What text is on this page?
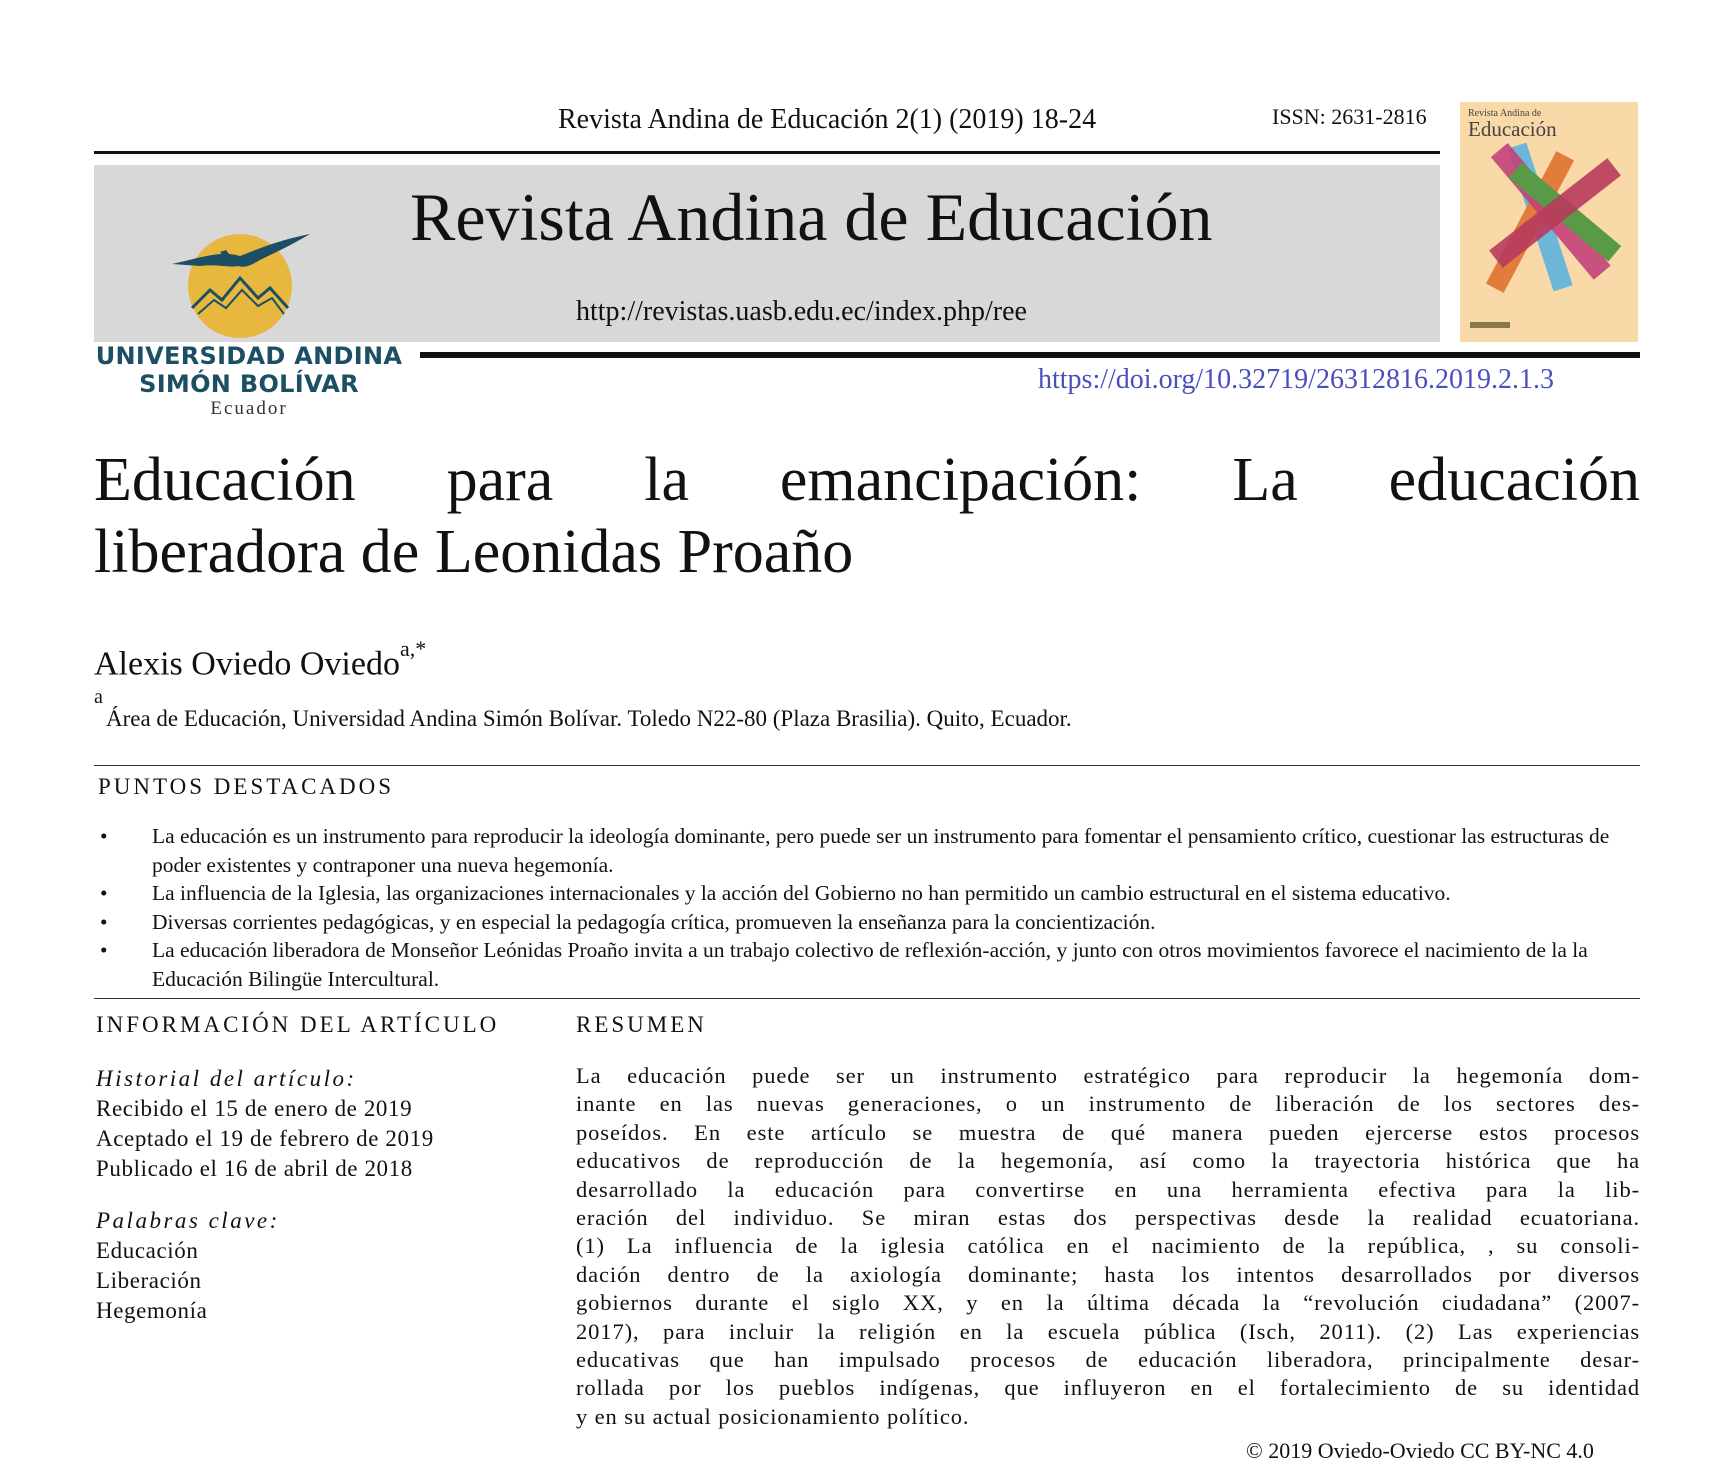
Revista Andina de Educación 2(1) (2019) 18-24	ISSN: 2631-2816
Revista Andina de Educación
http://revistas.uasb.edu.ec/index.php/ree
UNIVERSIDAD ANDINA
SIMÓN BOLÍVAR
Ecuador
Revista Andina de
Educación
https://doi.org/10.32719/26312816.2019.2.1.3
Educación para la emancipación: La educación
liberadora de Leonidas Proaño
Alexis Oviedo Oviedo$^{a,*}$
a
Área de Educación, Universidad Andina Simón Bolívar. Toledo N22-80 (Plaza Brasilia). Quito, Ecuador.
PUNTOS DESTACADOS
• La educación es un instrumento para reproducir la ideología dominante, pero puede ser un instrumento para fomentar el pensamiento crítico, cuestionar las estructuras de poder existentes y contraponer una nueva hegemonía.
• La influencia de la Iglesia, las organizaciones internacionales y la acción del Gobierno no han permitido un cambio estructural en el sistema educativo.
• Diversas corrientes pedagógicas, y en especial la pedagogía crítica, promueven la enseñanza para la concientización.
• La educación liberadora de Monseñor Leónidas Proaño invita a un trabajo colectivo de reflexión-acción, y junto con otros movimientos favorece el nacimiento de la la Educación Bilingüe Intercultural.
INFORMACIÓN DEL ARTÍCULO
Historial del artículo:
Recibido el 15 de enero de 2019
Aceptado el 19 de febrero de 2019
Publicado el 16 de abril de 2018
Palabras clave:
Educación
Liberación
Hegemonía
RESUMEN
La educación puede ser un instrumento estratégico para reproducir la hegemonía dom-
inante en las nuevas generaciones, o un instrumento de liberación de los sectores des-
poseídos. En este artículo se muestra de qué manera pueden ejercerse estos procesos
educativos de reproducción de la hegemonía, así como la trayectoria histórica que ha
desarrollado la educación para convertirse en una herramienta efectiva para la lib-
eración del individuo. Se miran estas dos perspectivas desde la realidad ecuatoriana.
(1) La influencia de la iglesia católica en el nacimiento de la república, , su consoli-
dación dentro de la axiología dominante; hasta los intentos desarrollados por diversos
gobiernos durante el siglo XX, y en la última década la “revolución ciudadana” (2007-
2017), para incluir la religión en la escuela pública (Isch, 2011). (2) Las experiencias
educativas que han impulsado procesos de educación liberadora, principalmente desar-
rollada por los pueblos indígenas, que influyeron en el fortalecimiento de su identidad
y en su actual posicionamiento político.
© 2019 Oviedo-Oviedo CC BY-NC 4.0
